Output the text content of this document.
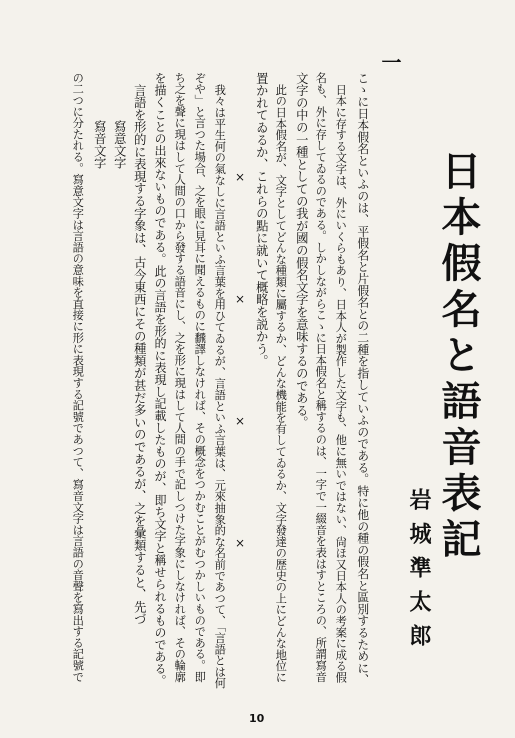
日本假名と語音表記
岩城準太郎
一
こゝに日本假名といふのは、平假名と片假名との二種を指していふのである。特に他の種の假名と區別するために、
日本に存する文字は、外にいくらもあり、日本人が製作した文字も、他に無いではない、尙ほ又日本人の考案に成る假
名も、外に存してゐるのである。しかしながらこゝに日本假名と稱するのは、一字で一綴音を表はすところの、所謂寫音
文字の中の一種としての我が國の假名文字を意味するのである。
此の日本假名が、文字としてどんな種類に屬するか、どんな機能を有してゐるか、文字發達の歴史の上にどんな地位に
置かれてゐるか、これらの點に就いて概略を説かう。
×　　×　　×　　×
我々は平生何の氣なしに言語といふ言葉を用ひてゐるが、言語といふ言葉は、元來抽象的な名前であつて、「言語とは何
ぞや」と言つた場合、之を眼に見耳に聞えるものに飜譯しなければ、その概念をつかむことがむつかしいものである。即
ち之を聲に現はして人間の口から發する語音にし、之を形に現はして人間の手で記しつけた字象にしなければ、その輪廓
を描くことの出來ないものである。此の言語を形的に表現し記載したものが、即ち文字と稱せられるものである。
言語を形的に表現する字象は、古今東西にその種類が甚だ多いのであるが、之を彙類すると、先づ
寫意文字
寫音文字
の二つに分たれる。寫意文字は言語の意味を直接に形に表現する記號であつて、寫音文字は言語の音聲を寫出する記號で
10
